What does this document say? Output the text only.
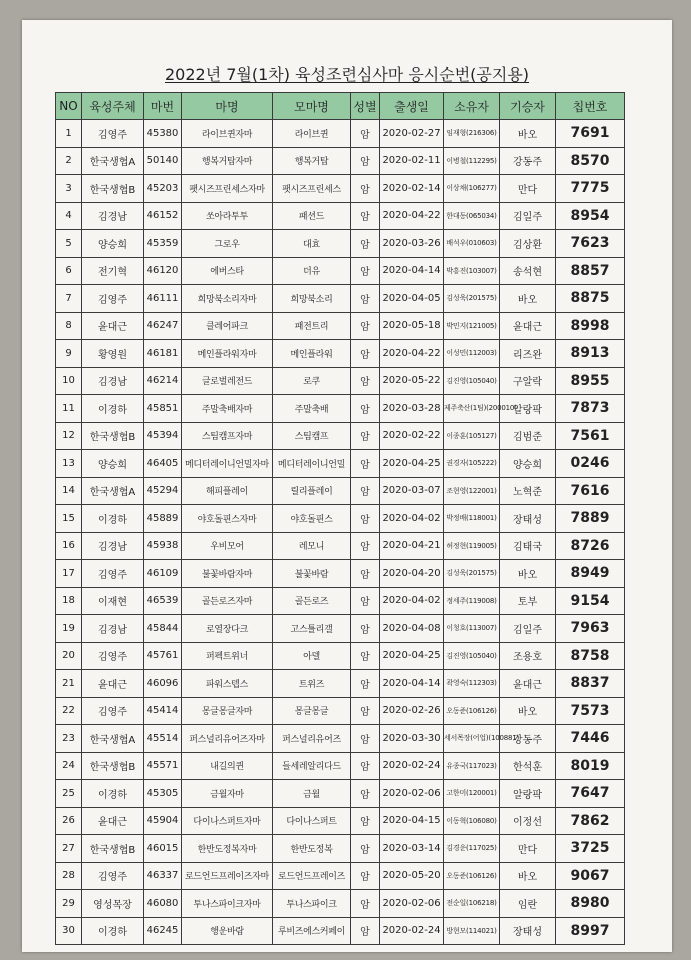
2022년 7월(1차) 육성조련심사마 응시순번(공지용)
NO	육성주체	마번	마명	모마명	성별	출생일	소유자	기승자	칩번호
1	김영주	45380	라이브퀸자마	라이브퀸	암	2020-02-27	임재형(216306)	바오	7691
2	한국생협A	50140	행복거탑자마	행복거탑	암	2020-02-11	이병철(112295)	강동주	8570
3	한국생협B	45203	팻시즈프린세스자마	팻시즈프린세스	암	2020-02-14	이상채(106277)	만다	7775
4	김경남	46152	쏘아라투투	패션드	암	2020-04-22	한대동(065034)	김일주	8954
5	양승희	45359	그로우	대효	암	2020-03-26	배석우(010603)	김상환	7623
6	전기혁	46120	에버스타	더유	암	2020-04-14	박흥진(103007)	송석현	8857
7	김영주	46111	희망북소리자마	희망북소리	암	2020-04-05	김성욱(201575)	바오	8875
8	윤대근	46247	클레어파크	패전트리	암	2020-05-18	박민지(121005)	윤대근	8998
9	황영원	46181	메인플라워자마	메인플라워	암	2020-04-22	이성민(112003)	리즈완	8913
10	김경남	46214	글로벌레전드	로쿠	암	2020-05-22	김진영(105040)	구알락	8955
11	이경하	45851	주말축배자마	주말축배	암	2020-03-28	제주축산(1팀)(200010)	알랑팍	7873
12	한국생협B	45394	스팀캠프자마	스팀캠프	암	2020-02-22	이종훈(105127)	김범준	7561
13	양승희	46405	메디터레이니언밀자마	메디터레이니언밀	암	2020-04-25	권경자(105222)	양승희	0246
14	한국생협A	45294	해피플레이	릴리플레이	암	2020-03-07	조현영(122001)	노혁준	7616
15	이경하	45889	야호돌핀스자마	야호돌핀스	암	2020-04-02	박정배(118001)	장태성	7889
16	김경남	45938	우비모어	레모니	암	2020-04-21	허정현(119005)	김태국	8726
17	김영주	46109	불꽃바람자마	불꽃바람	암	2020-04-20	김성욱(201575)	바오	8949
18	이재현	46539	골든로즈자마	골든로즈	암	2020-04-02	정세주(119008)	토부	9154
19	김경남	45844	로열장다크	고스틀리갤	암	2020-04-08	이청호(113007)	김일주	7963
20	김영주	45761	퍼펙트위너	아델	암	2020-04-25	김진영(105040)	조용호	8758
21	윤대근	46096	파워스텝스	트위즈	암	2020-04-14	곽영숙(112303)	윤대근	8837
22	김영주	45414	몽글몽글자마	몽글몽글	암	2020-02-26	오동준(106126)	바오	7573
23	한국생협A	45514	퍼스널리유어즈자마	퍼스널리유어즈	암	2020-03-30	세서목장(어업)(100881)	강동주	7446
24	한국생협B	45571	내길의퀸	들세레알리다드	암	2020-02-24	유종국(117023)	한석훈	8019
25	이경하	45305	금월자마	금월	암	2020-02-06	고한미(120001)	알랑팍	7647
26	윤대근	45904	다이나스퍼트자마	다이나스퍼트	암	2020-04-15	이동혁(106080)	이정선	7862
27	한국생협B	46015	한반도정복자마	한반도정복	암	2020-03-14	김경운(117025)	만다	3725
28	김영주	46337	로드언드프레이즈자마	로드언드프레이즈	암	2020-05-20	오동준(106126)	바오	9067
29	영성목장	46080	투나스파이크자마	투나스파이크	암	2020-02-06	전순일(106218)	임란	8980
30	이경하	46245	행운바람	루비즈에스커페이	암	2020-02-24	방현모(114021)	장태성	8997
